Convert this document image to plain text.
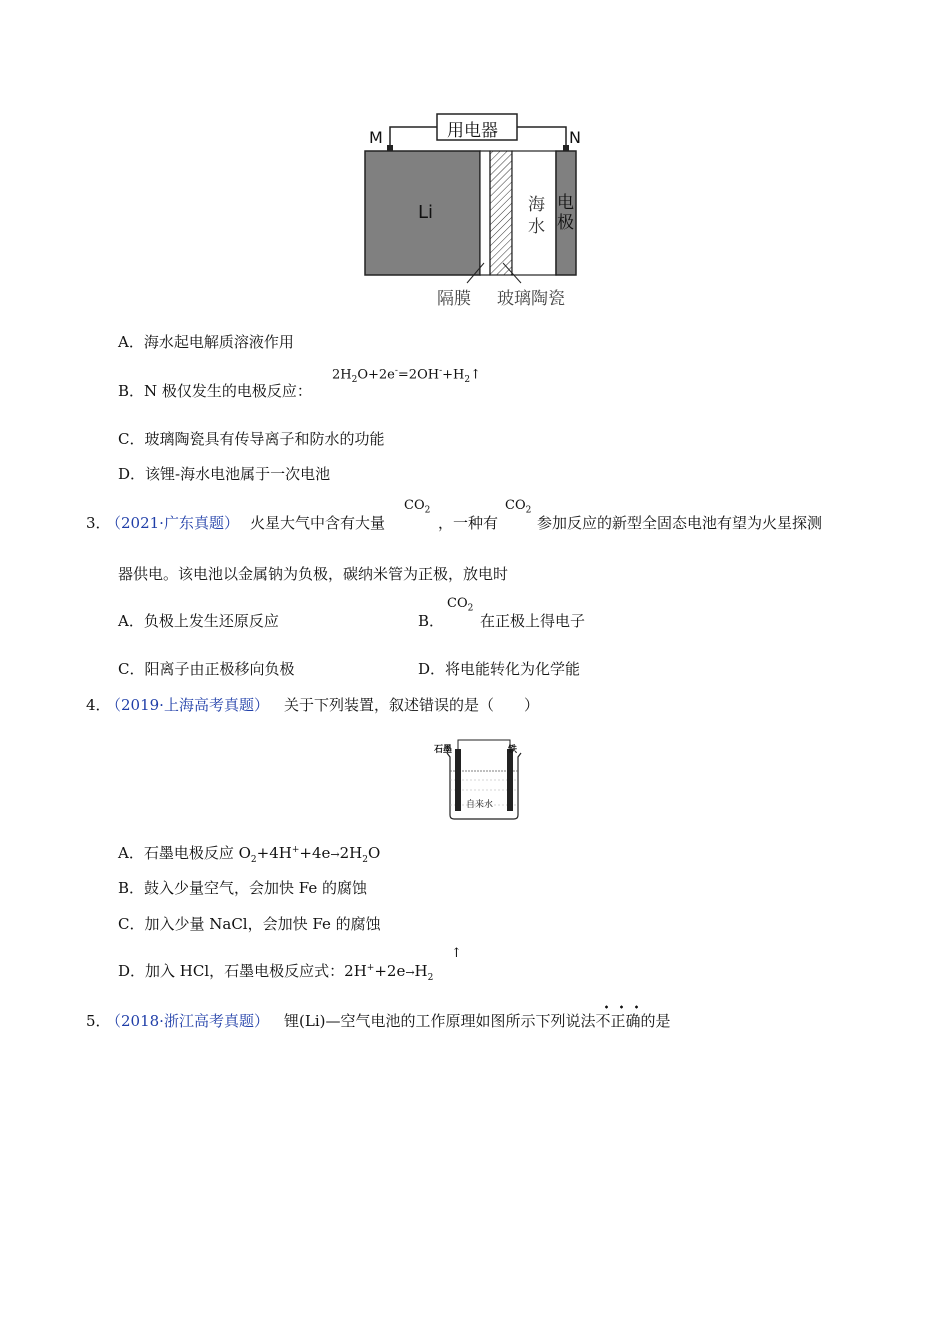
用电器
M	N
Li	海
水
电
极
隔膜 玻璃陶瓷
A．海水起电解质溶液作用
B．N 极仅发生的电极反应：
$2H_2O+2e^-=2OH^-+H_2↑$
C．玻璃陶瓷具有传导离子和防水的功能
D．该锂-海水电池属于一次电池
3．
（2021·广东真题） 火星大气中含有大量
$CO_2$
，一种有
$CO_2$
参加反应的新型全固态电池有望为火星探测
器供电。该电池以金属钠为负极，碳纳米管为正极，放电时
A．负极上发生还原反应	B．
$CO_2$
在正极上得电子
C．阳离子由正极移向负极	D．将电能转化为化学能
4．
（2019·上海高考真题） 关于下列装置，叙述错误的是（　　）
石墨	铁
自来水
A．石墨电极反应 $O_2+4H^++4e\to 2H_2O$
B．鼓入少量空气，会加快 Fe 的腐蚀
C．加入少量 NaCl，会加快 Fe 的腐蚀
D．加入 HCl，石墨电极反应式：$2H^++2e\to H_2$
↑
5．
（2018·浙江高考真题） 锂(Li)—空气电池的工作原理如图所示下列说法不正确的是
